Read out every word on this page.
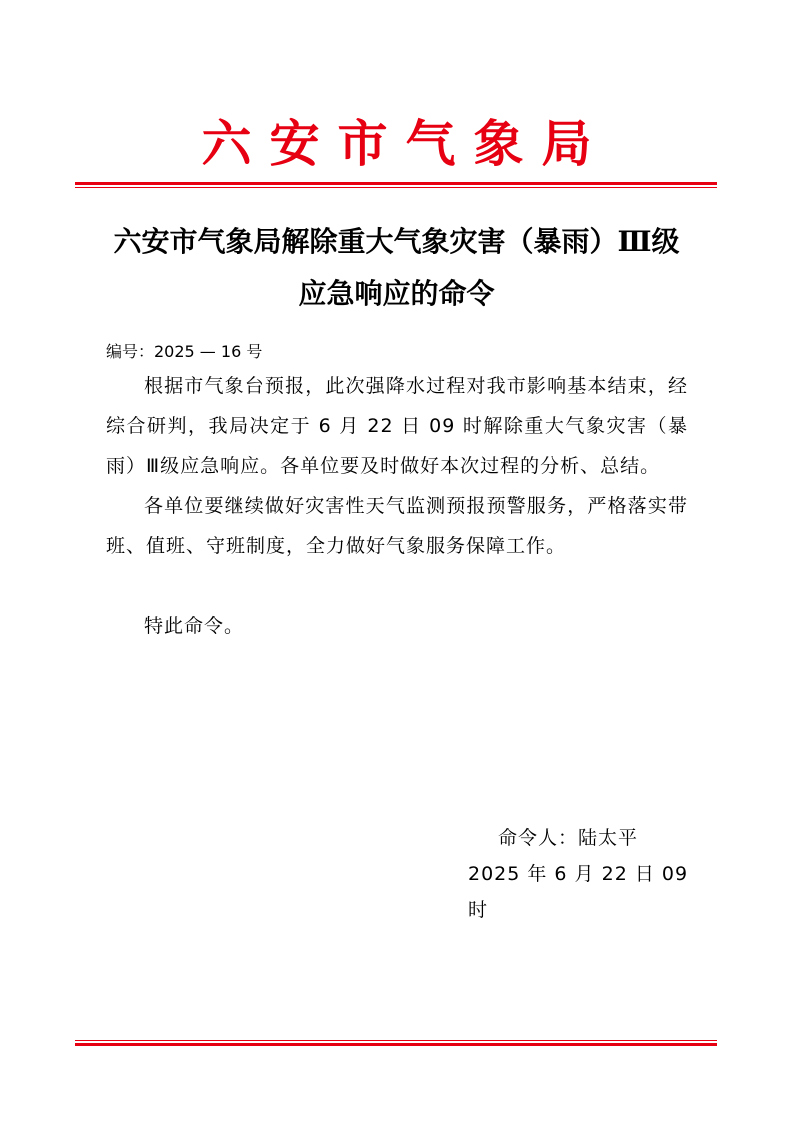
六安市气象局
六安市气象局解除重大气象灾害（暴雨）Ⅲ级
应急响应的命令
编号：2025 — 16 号

根据市气象台预报，此次强降水过程对我市影响基本结束，经综合研判，我局决定于 6 月 22 日 09 时解除重大气象灾害（暴雨）Ⅲ级应急响应。各单位要及时做好本次过程的分析、总结。

各单位要继续做好灾害性天气监测预报预警服务，严格落实带班、值班、守班制度，全力做好气象服务保障工作。

特此命令。

命令人：陆太平
2025 年 6 月 22 日 09 时
